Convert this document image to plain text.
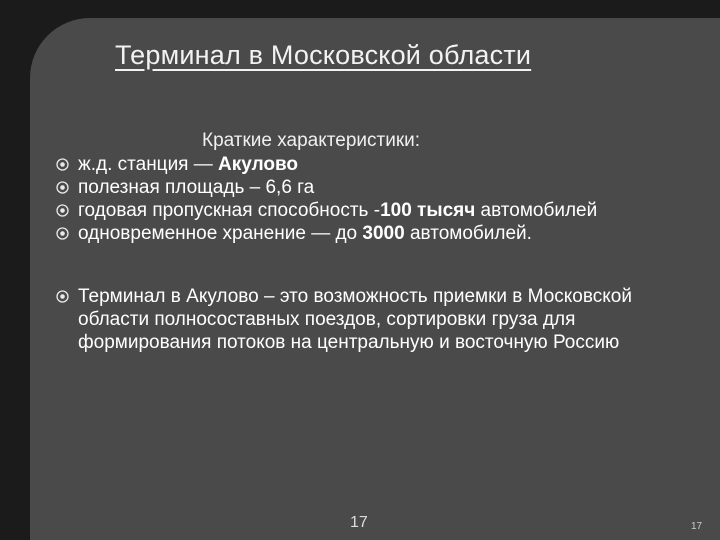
Терминал в Московской области
Краткие характеристики:
ж.д. станция — Акулово
полезная площадь – 6,6 га
годовая пропускная способность -100 тысяч автомобилей
одновременное хранение — до 3000 автомобилей.
Терминал в Акулово – это возможность приемки в Московской области полносоставных поездов, сортировки груза для формирования потоков на центральную и восточную Россию
17	17
